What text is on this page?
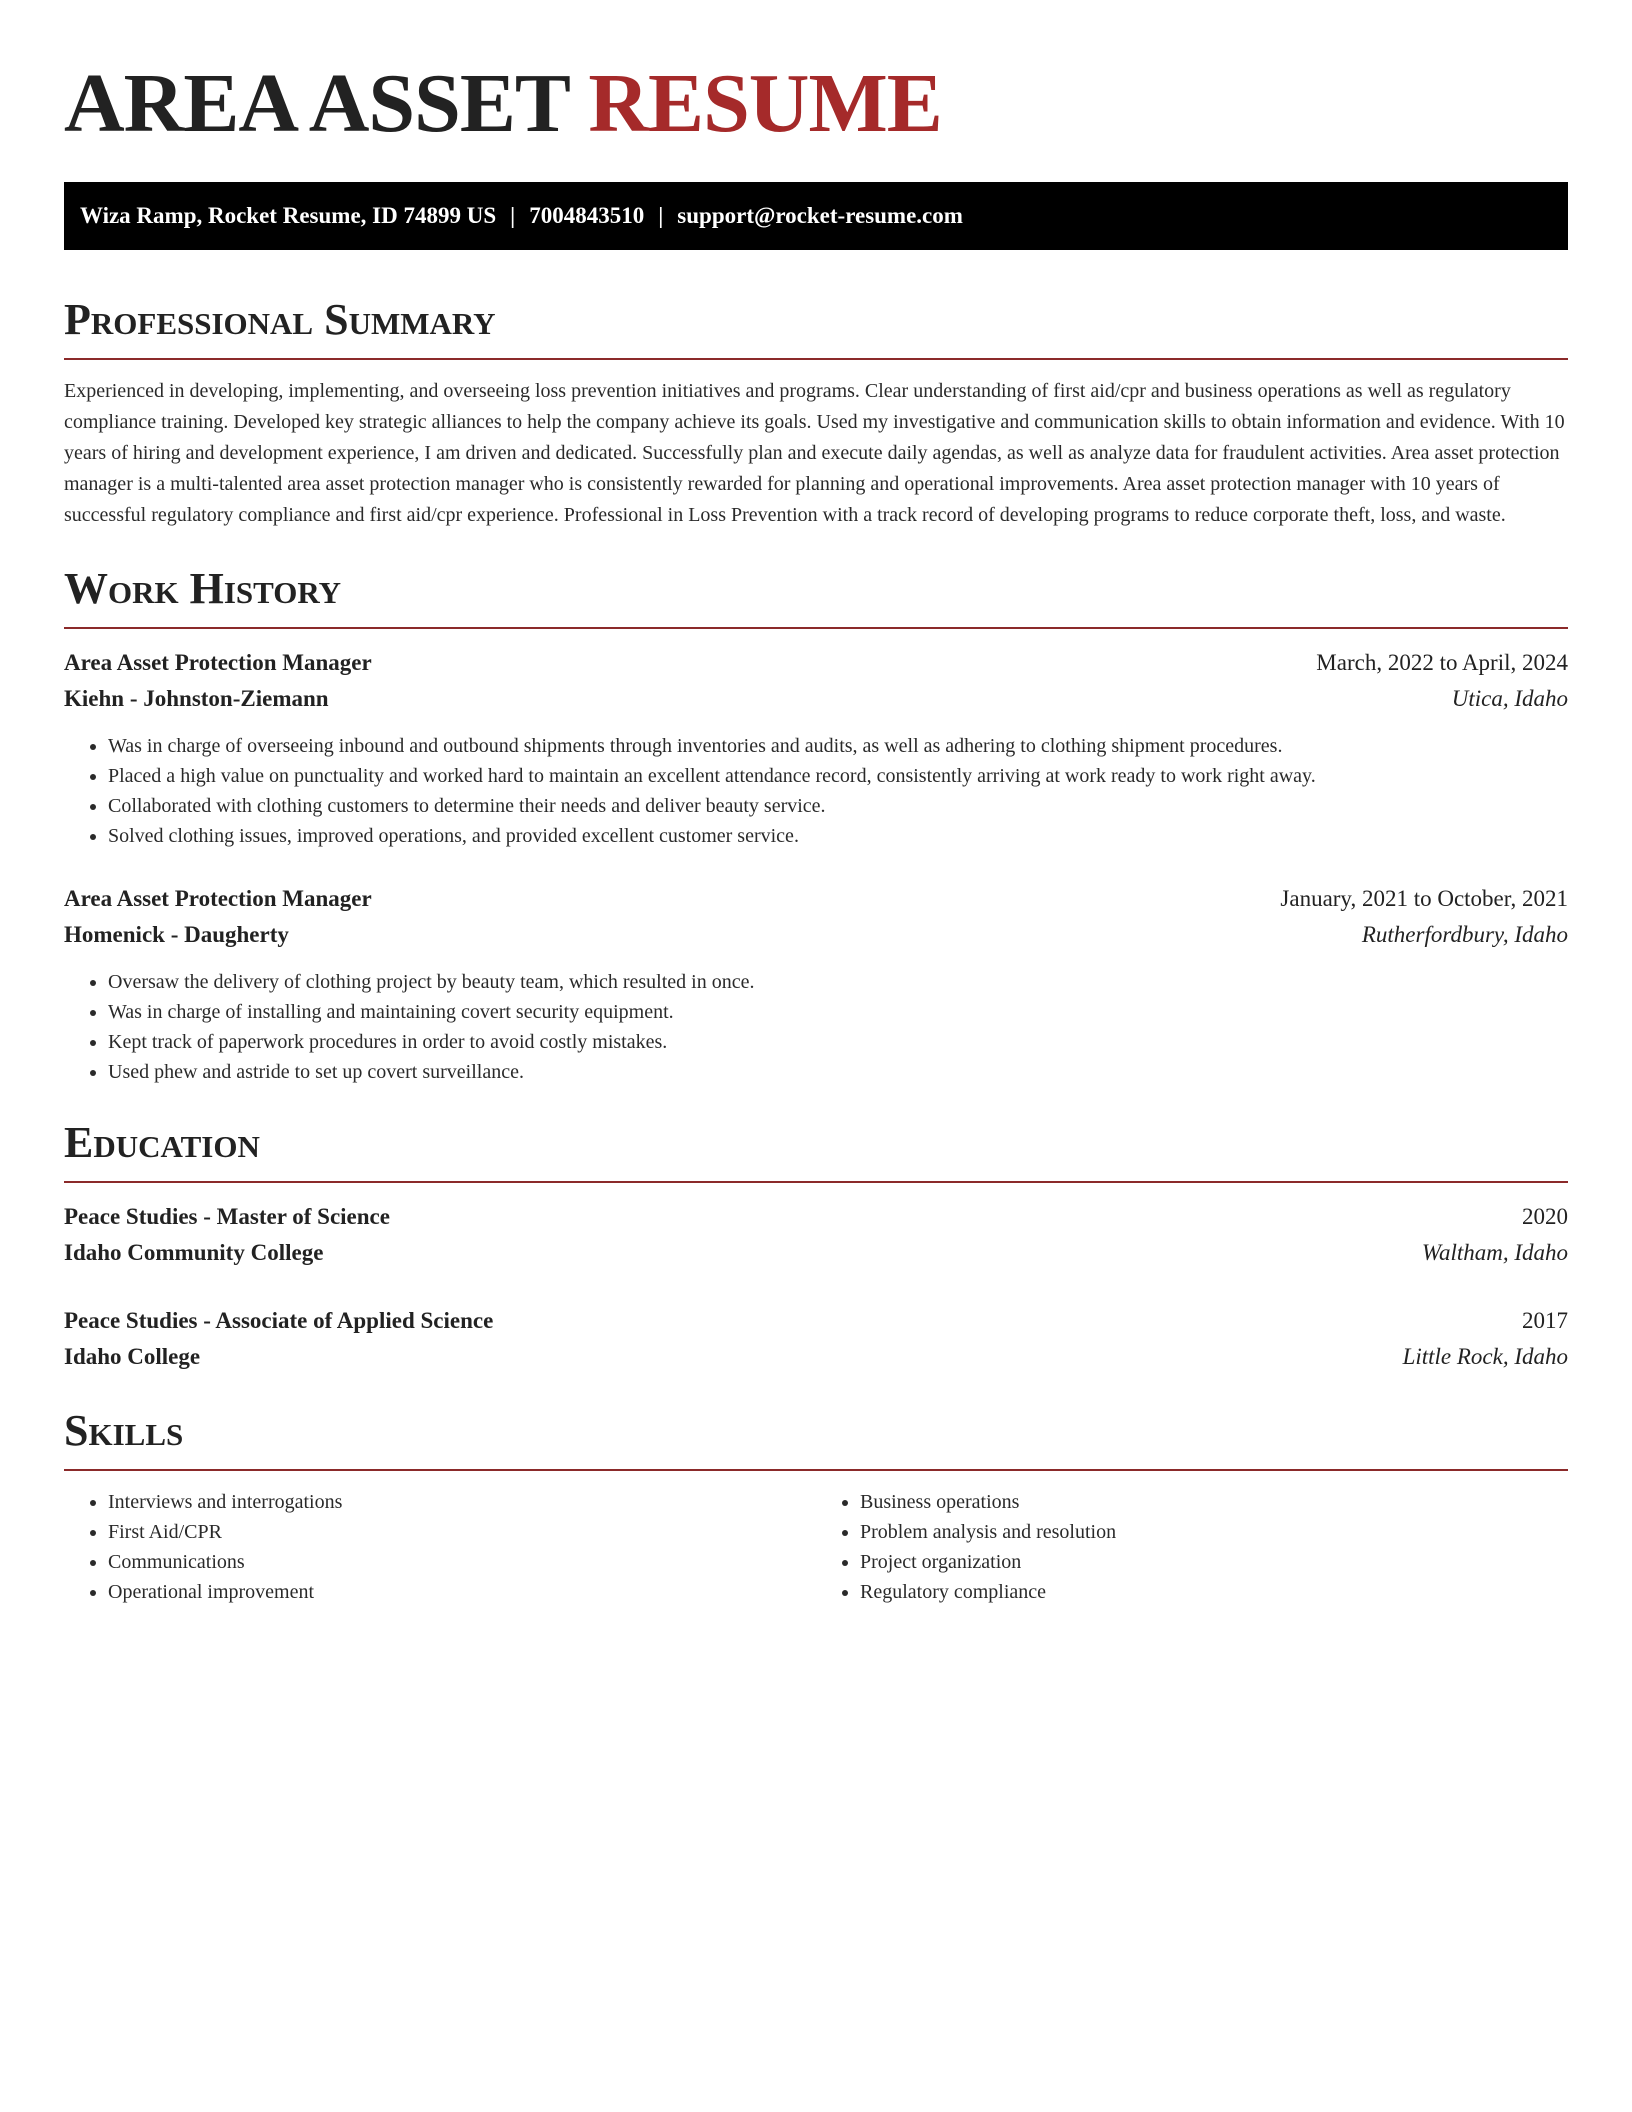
AREA ASSET RESUME
Wiza Ramp, Rocket Resume, ID 74899 US | 7004843510 | support@rocket-resume.com
Professional Summary

Experienced in developing, implementing, and overseeing loss prevention initiatives and programs. Clear understanding of first aid/cpr and business operations as well as regulatory compliance training. Developed key strategic alliances to help the company achieve its goals. Used my investigative and communication skills to obtain information and evidence. With 10 years of hiring and development experience, I am driven and dedicated. Successfully plan and execute daily agendas, as well as analyze data for fraudulent activities. Area asset protection manager is a multi-talented area asset protection manager who is consistently rewarded for planning and operational improvements. Area asset protection manager with 10 years of successful regulatory compliance and first aid/cpr experience. Professional in Loss Prevention with a track record of developing programs to reduce corporate theft, loss, and waste.

Work History
Area Asset Protection Manager	March, 2022 to April, 2024
Kiehn - Johnston-Ziemann	Utica, Idaho
• Was in charge of overseeing inbound and outbound shipments through inventories and audits, as well as adhering to clothing shipment procedures.
• Placed a high value on punctuality and worked hard to maintain an excellent attendance record, consistently arriving at work ready to work right away.
• Collaborated with clothing customers to determine their needs and deliver beauty service.
• Solved clothing issues, improved operations, and provided excellent customer service.
Area Asset Protection Manager	January, 2021 to October, 2021
Homenick - Daugherty	Rutherfordbury, Idaho
• Oversaw the delivery of clothing project by beauty team, which resulted in once.
• Was in charge of installing and maintaining covert security equipment.
• Kept track of paperwork procedures in order to avoid costly mistakes.
• Used phew and astride to set up covert surveillance.
Education
Peace Studies - Master of Science	2020
Idaho Community College	Waltham, Idaho
Peace Studies - Associate of Applied Science	2017
Idaho College	Little Rock, Idaho
Skills
• Interviews and interrogations
• First Aid/CPR
• Communications
• Operational improvement
• Business operations
• Problem analysis and resolution
• Project organization
• Regulatory compliance
